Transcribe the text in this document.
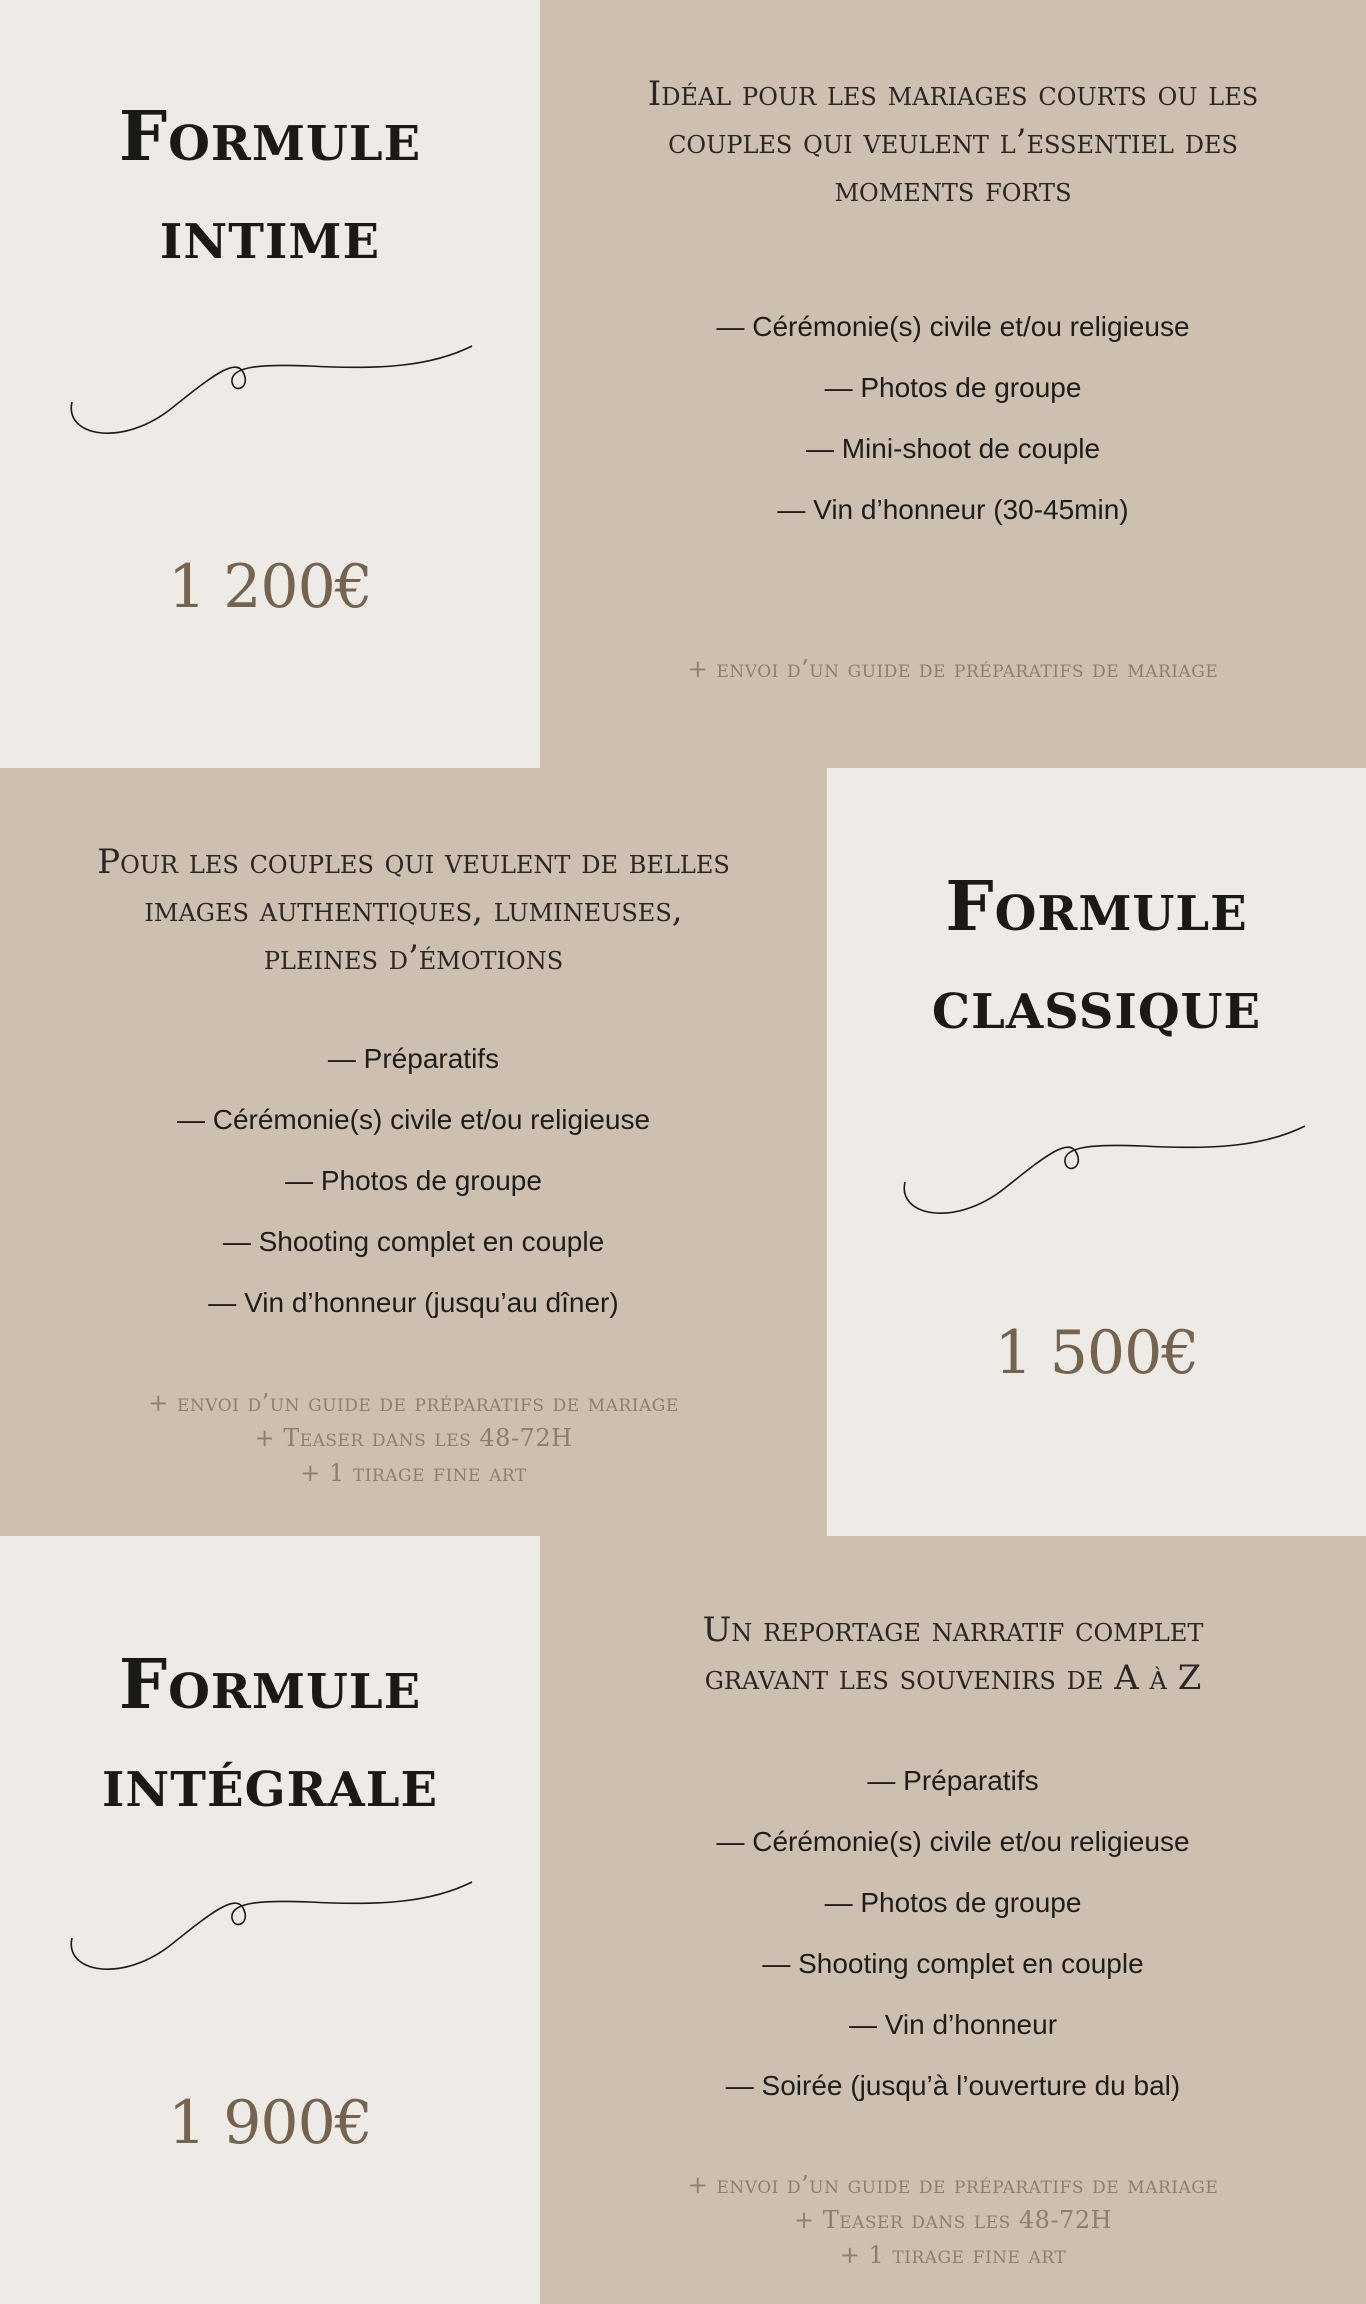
Formule
intime
1 200€

Idéal pour les mariages courts ou les
couples qui veulent l’essentiel des
moments forts

— Cérémonie(s) civile et/ou religieuse
— Photos de groupe
— Mini-shoot de couple
— Vin d’honneur (30-45min)

+ envoi d’un guide de préparatifs de mariage

Pour les couples qui veulent de belles
images authentiques, lumineuses,
pleines d’émotions

— Préparatifs
— Cérémonie(s) civile et/ou religieuse
— Photos de groupe
— Shooting complet en couple
— Vin d’honneur (jusqu’au dîner)

+ envoi d’un guide de préparatifs de mariage
+ Teaser dans les 48-72H
+ 1 tirage fine art

Formule
classique
1 500€
Formule
intégrale
1 900€

Un reportage narratif complet
gravant les souvenirs de A à Z

— Préparatifs
— Cérémonie(s) civile et/ou religieuse
— Photos de groupe
— Shooting complet en couple
— Vin d’honneur
— Soirée (jusqu’à l’ouverture du bal)

+ envoi d’un guide de préparatifs de mariage
+ Teaser dans les 48-72H
+ 1 tirage fine art
